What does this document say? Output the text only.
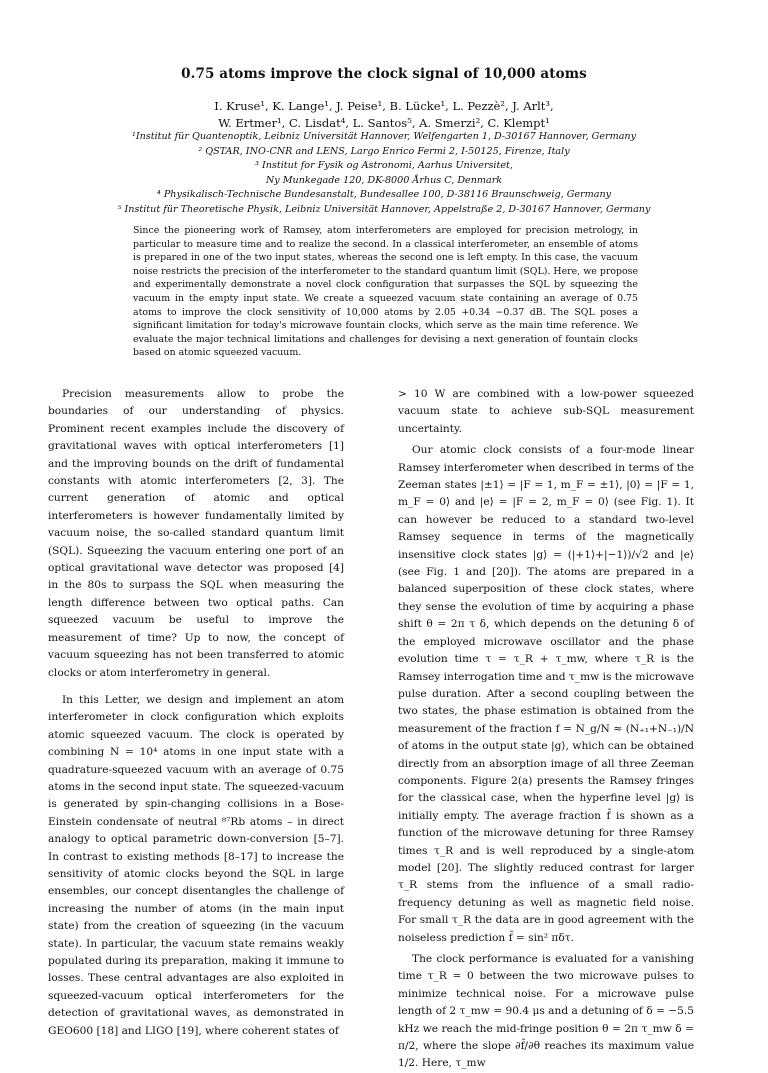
0.75 atoms improve the clock signal of 10,000 atoms
I. Kruse¹, K. Lange¹, J. Peise¹, B. Lücke¹, L. Pezzè², J. Arlt³,
W. Ertmer¹, C. Lisdat⁴, L. Santos⁵, A. Smerzi², C. Klempt¹
¹Institut für Quantenoptik, Leibniz Universität Hannover, Welfengarten 1, D-30167 Hannover, Germany
² QSTAR, INO-CNR and LENS, Largo Enrico Fermi 2, I-50125, Firenze, Italy
³ Institut for Fysik og Astronomi, Aarhus Universitet,
Ny Munkegade 120, DK-8000 Århus C, Denmark
⁴ Physikalisch-Technische Bundesanstalt, Bundesallee 100, D-38116 Braunschweig, Germany
⁵ Institut für Theoretische Physik, Leibniz Universität Hannover, Appelstraße 2, D-30167 Hannover, Germany
Since the pioneering work of Ramsey, atom interferometers are employed for precision metrology, in particular to measure time and to realize the second. In a classical interferometer, an ensemble of atoms is prepared in one of the two input states, whereas the second one is left empty. In this case, the vacuum noise restricts the precision of the interferometer to the standard quantum limit (SQL). Here, we propose and experimentally demonstrate a novel clock configuration that surpasses the SQL by squeezing the vacuum in the empty input state. We create a squeezed vacuum state containing an average of 0.75 atoms to improve the clock sensitivity of 10,000 atoms by 2.05 +0.34 −0.37 dB. The SQL poses a significant limitation for today's microwave fountain clocks, which serve as the main time reference. We evaluate the major technical limitations and challenges for devising a next generation of fountain clocks based on atomic squeezed vacuum.

Precision measurements allow to probe the boundaries of our understanding of physics. Prominent recent examples include the discovery of gravitational waves with optical interferometers [1] and the improving bounds on the drift of fundamental constants with atomic interferometers [2, 3]. The current generation of atomic and optical interferometers is however fundamentally limited by vacuum noise, the so-called standard quantum limit (SQL). Squeezing the vacuum entering one port of an optical gravitational wave detector was proposed [4] in the 80s to surpass the SQL when measuring the length difference between two optical paths. Can squeezed vacuum be useful to improve the measurement of time? Up to now, the concept of vacuum squeezing has not been transferred to atomic clocks or atom interferometry in general.

In this Letter, we design and implement an atom interferometer in clock configuration which exploits atomic squeezed vacuum. The clock is operated by combining N = 10⁴ atoms in one input state with a quadrature-squeezed vacuum with an average of 0.75 atoms in the second input state. The squeezed-vacuum is generated by spin-changing collisions in a Bose-Einstein condensate of neutral ⁸⁷Rb atoms – in direct analogy to optical parametric down-conversion [5–7]. In contrast to existing methods [8–17] to increase the sensitivity of atomic clocks beyond the SQL in large ensembles, our concept disentangles the challenge of increasing the number of atoms (in the main input state) from the creation of squeezing (in the vacuum state). In particular, the vacuum state remains weakly populated during its preparation, making it immune to losses. These central advantages are also exploited in squeezed-vacuum optical interferometers for the detection of gravitational waves, as demonstrated in GEO600 [18] and LIGO [19], where coherent states of

> 10 W are combined with a low-power squeezed vacuum state to achieve sub-SQL measurement uncertainty.

Our atomic clock consists of a four-mode linear Ramsey interferometer when described in terms of the Zeeman states |±1⟩ = |F = 1, m_F = ±1⟩, |0⟩ = |F = 1, m_F = 0⟩ and |e⟩ = |F = 2, m_F = 0⟩ (see Fig. 1). It can however be reduced to a standard two-level Ramsey sequence in terms of the magnetically insensitive clock states |g⟩ = (|+1⟩+|−1⟩)/√2 and |e⟩ (see Fig. 1 and [20]). The atoms are prepared in a balanced superposition of these clock states, where they sense the evolution of time by acquiring a phase shift θ = 2π τ δ, which depends on the detuning δ of the employed microwave oscillator and the phase evolution time τ = τ_R + τ_mw, where τ_R is the Ramsey interrogation time and τ_mw is the microwave pulse duration. After a second coupling between the two states, the phase estimation is obtained from the measurement of the fraction f = N_g/N ≈ (N₊₁+N₋₁)/N of atoms in the output state |g⟩, which can be obtained directly from an absorption image of all three Zeeman components. Figure 2(a) presents the Ramsey fringes for the classical case, when the hyperfine level |g⟩ is initially empty. The average fraction f̄ is shown as a function of the microwave detuning for three Ramsey times τ_R and is well reproduced by a single-atom model [20]. The slightly reduced contrast for larger τ_R stems from the influence of a small radio-frequency detuning as well as magnetic field noise. For small τ_R the data are in good agreement with the noiseless prediction f̄ = sin² πδτ.

The clock performance is evaluated for a vanishing time τ_R = 0 between the two microwave pulses to minimize technical noise. For a microwave pulse length of 2 τ_mw = 90.4 μs and a detuning of δ = −5.5 kHz we reach the mid-fringe position θ = 2π τ_mw δ = π/2, where the slope ∂f̄/∂θ reaches its maximum value 1/2. Here, τ_mw
